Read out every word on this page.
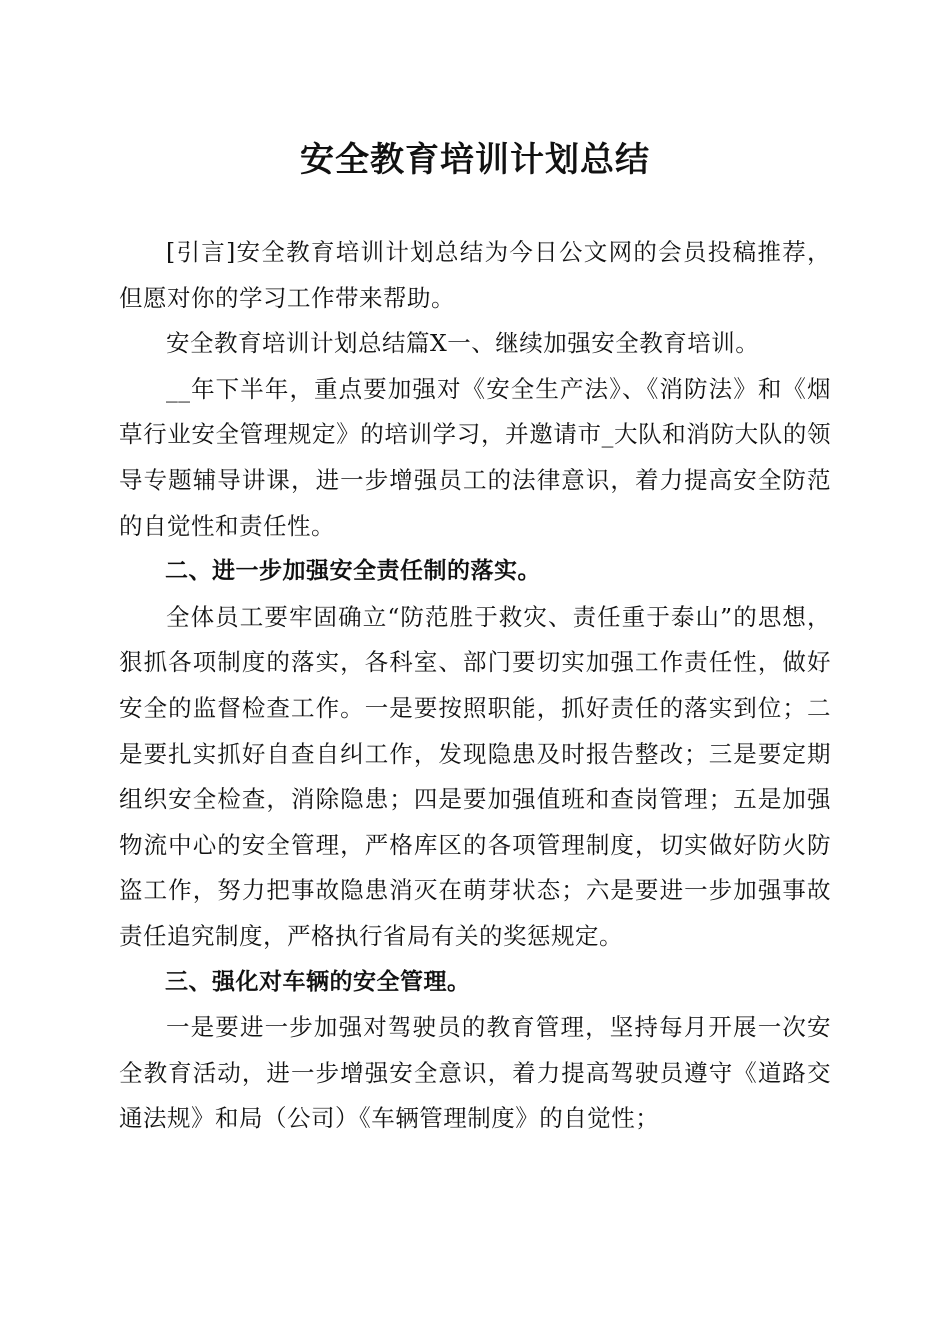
安全教育培训计划总结

[引言]安全教育培训计划总结为今日公文网的会员投稿推荐，但愿对你的学习工作带来帮助。

安全教育培训计划总结篇X一、继续加强安全教育培训。

__年下半年，重点要加强对《安全生产法》、《消防法》和《烟草行业安全管理规定》的培训学习，并邀请市_大队和消防大队的领导专题辅导讲课，进一步增强员工的法律意识，着力提高安全防范的自觉性和责任性。

二、进一步加强安全责任制的落实。

全体员工要牢固确立“防范胜于救灾、责任重于泰山”的思想，狠抓各项制度的落实，各科室、部门要切实加强工作责任性，做好安全的监督检查工作。一是要按照职能，抓好责任的落实到位；二是要扎实抓好自查自纠工作，发现隐患及时报告整改；三是要定期组织安全检查，消除隐患；四是要加强值班和查岗管理；五是加强物流中心的安全管理，严格库区的各项管理制度，切实做好防火防盗工作，努力把事故隐患消灭在萌芽状态；六是要进一步加强事故责任追究制度，严格执行省局有关的奖惩规定。

三、强化对车辆的安全管理。

一是要进一步加强对驾驶员的教育管理，坚持每月开展一次安全教育活动，进一步增强安全意识，着力提高驾驶员遵守《道路交通法规》和局（公司）《车辆管理制度》的自觉性；
